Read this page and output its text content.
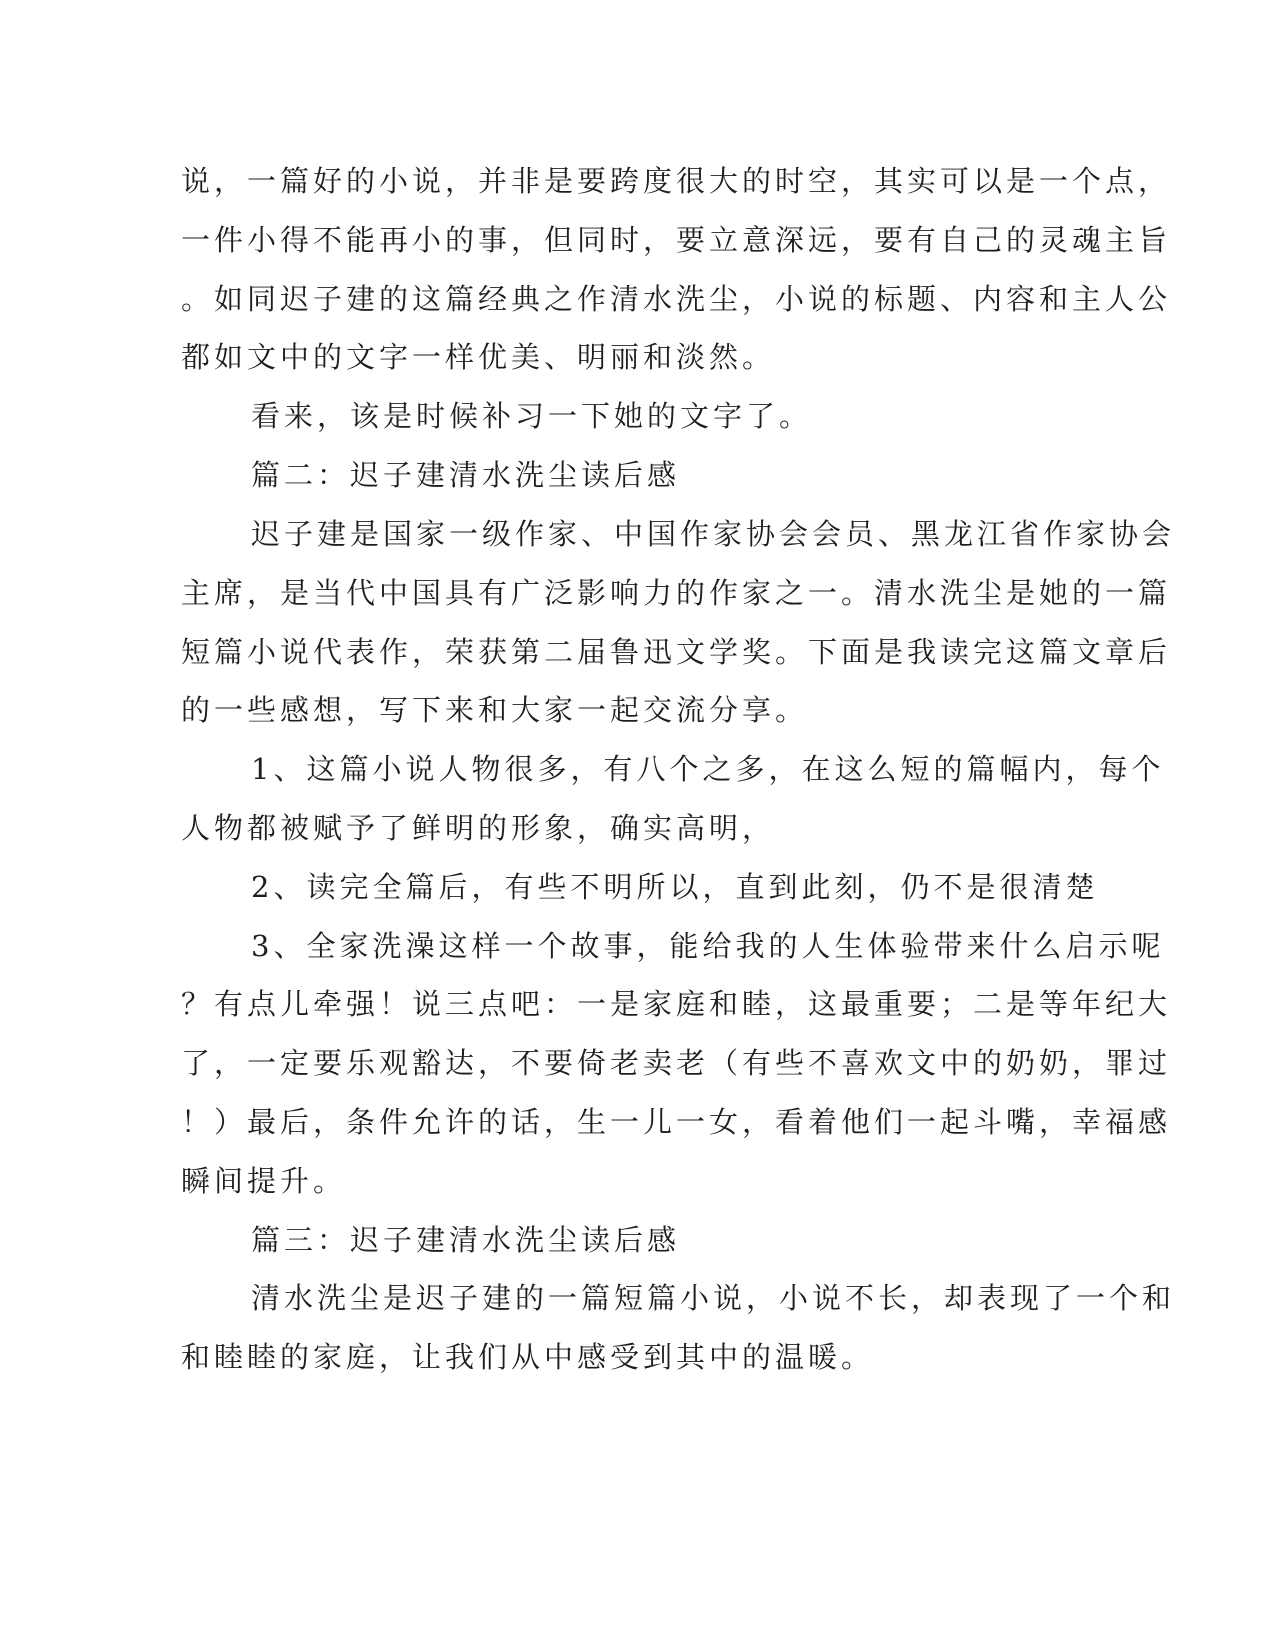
说，一篇好的小说，并非是要跨度很大的时空，其实可以是一个点，
一件小得不能再小的事，但同时，要立意深远，要有自己的灵魂主旨
。如同迟子建的这篇经典之作清水洗尘，小说的标题、内容和主人公
都如文中的文字一样优美、明丽和淡然。
看来，该是时候补习一下她的文字了。
篇二：迟子建清水洗尘读后感
迟子建是国家一级作家、中国作家协会会员、黑龙江省作家协会
主席，是当代中国具有广泛影响力的作家之一。清水洗尘是她的一篇
短篇小说代表作，荣获第二届鲁迅文学奖。下面是我读完这篇文章后
的一些感想，写下来和大家一起交流分享。
1、这篇小说人物很多，有八个之多，在这么短的篇幅内，每个
人物都被赋予了鲜明的形象，确实高明，
2、读完全篇后，有些不明所以，直到此刻，仍不是很清楚
3、全家洗澡这样一个故事，能给我的人生体验带来什么启示呢
？有点儿牵强！说三点吧：一是家庭和睦，这最重要；二是等年纪大
了，一定要乐观豁达，不要倚老卖老（有些不喜欢文中的奶奶，罪过
！）最后，条件允许的话，生一儿一女，看着他们一起斗嘴，幸福感
瞬间提升。
篇三：迟子建清水洗尘读后感
清水洗尘是迟子建的一篇短篇小说，小说不长，却表现了一个和
和睦睦的家庭，让我们从中感受到其中的温暖。
